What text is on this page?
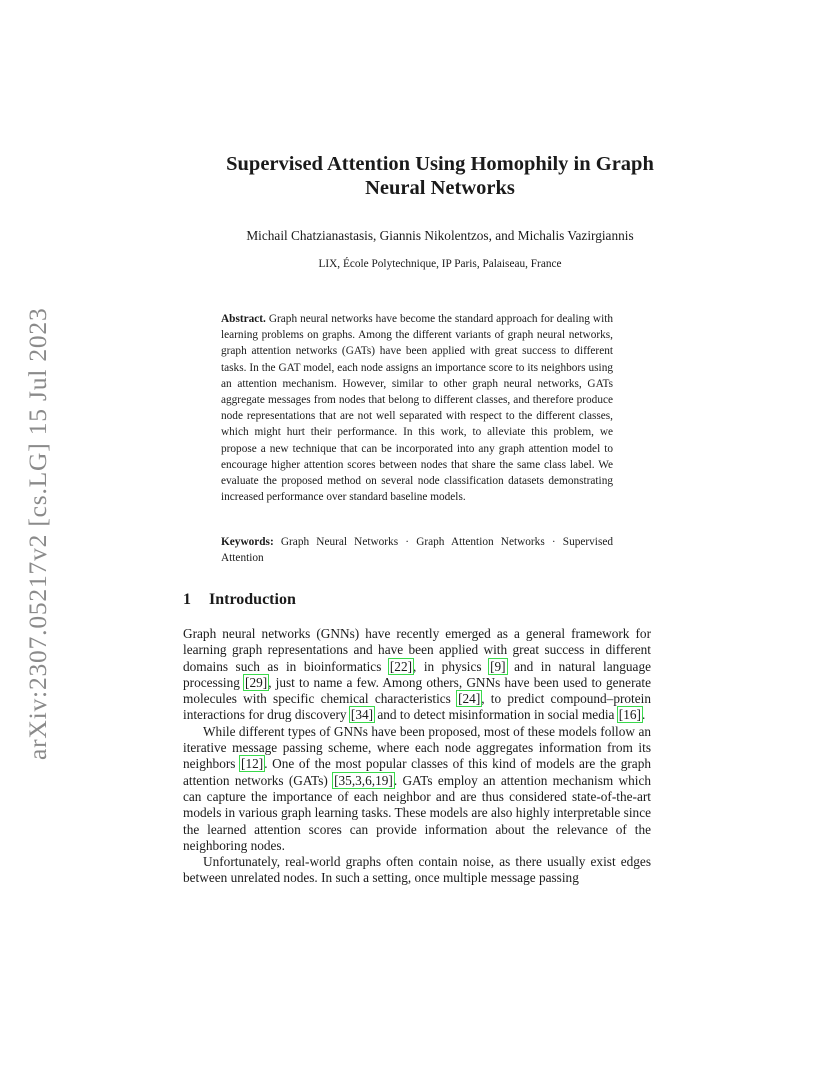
arXiv:2307.05217v2 [cs.LG] 15 Jul 2023
Supervised Attention Using Homophily in Graph
Neural Networks
Michail Chatzianastasis, Giannis Nikolentzos, and Michalis Vazirgiannis
LIX, École Polytechnique, IP Paris, Palaiseau, France
Abstract. Graph neural networks have become the standard approach for dealing with learning problems on graphs. Among the different variants of graph neural networks, graph attention networks (GATs) have been applied with great success to different tasks. In the GAT model, each node assigns an importance score to its neighbors using an attention mechanism. However, similar to other graph neural networks, GATs aggregate messages from nodes that belong to different classes, and therefore produce node representations that are not well separated with respect to the different classes, which might hurt their performance. In this work, to alleviate this problem, we propose a new technique that can be incorporated into any graph attention model to encourage higher attention scores between nodes that share the same class label. We evaluate the proposed method on several node classification datasets demonstrating increased performance over standard baseline models.
Keywords: Graph Neural Networks · Graph Attention Networks · Supervised Attention
1 Introduction

Graph neural networks (GNNs) have recently emerged as a general framework for learning graph representations and have been applied with great success in different domains such as in bioinformatics [22], in physics [9] and in natural language processing [29], just to name a few. Among others, GNNs have been used to generate molecules with specific chemical characteristics [24], to predict compound–protein interactions for drug discovery [34] and to detect misinformation in social media [16].

While different types of GNNs have been proposed, most of these models follow an iterative message passing scheme, where each node aggregates information from its neighbors [12]. One of the most popular classes of this kind of models are the graph attention networks (GATs) [35,3,6,19]. GATs employ an attention mechanism which can capture the importance of each neighbor and are thus considered state-of-the-art models in various graph learning tasks. These models are also highly interpretable since the learned attention scores can provide information about the relevance of the neighboring nodes.

Unfortunately, real-world graphs often contain noise, as there usually exist edges between unrelated nodes. In such a setting, once multiple message passing
